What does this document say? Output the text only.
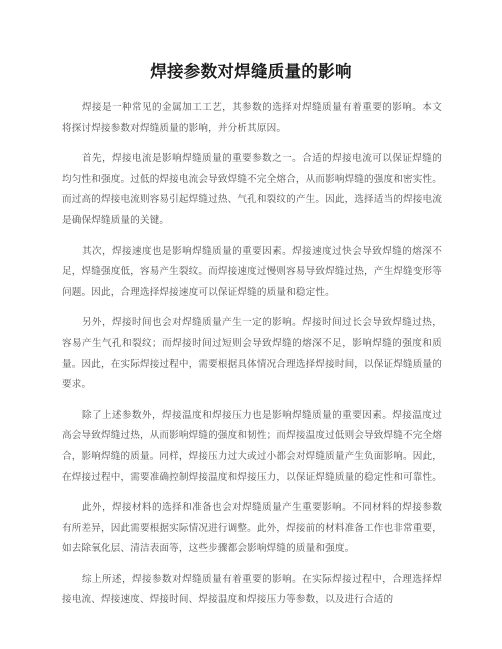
焊接参数对焊缝质量的影响

焊接是一种常见的金属加工工艺，其参数的选择对焊缝质量有着重要的影响。本文将探讨焊接参数对焊缝质量的影响，并分析其原因。

首先，焊接电流是影响焊缝质量的重要参数之一。合适的焊接电流可以保证焊缝的均匀性和强度。过低的焊接电流会导致焊缝不完全熔合，从而影响焊缝的强度和密实性。而过高的焊接电流则容易引起焊缝过热、气孔和裂纹的产生。因此，选择适当的焊接电流是确保焊缝质量的关键。

其次，焊接速度也是影响焊缝质量的重要因素。焊接速度过快会导致焊缝的熔深不足，焊缝强度低，容易产生裂纹。而焊接速度过慢则容易导致焊缝过热，产生焊缝变形等问题。因此，合理选择焊接速度可以保证焊缝的质量和稳定性。

另外，焊接时间也会对焊缝质量产生一定的影响。焊接时间过长会导致焊缝过热，容易产生气孔和裂纹；而焊接时间过短则会导致焊缝的熔深不足，影响焊缝的强度和质量。因此，在实际焊接过程中，需要根据具体情况合理选择焊接时间，以保证焊缝质量的要求。

除了上述参数外，焊接温度和焊接压力也是影响焊缝质量的重要因素。焊接温度过高会导致焊缝过热，从而影响焊缝的强度和韧性；而焊接温度过低则会导致焊缝不完全熔合，影响焊缝的质量。同样，焊接压力过大或过小都会对焊缝质量产生负面影响。因此，在焊接过程中，需要准确控制焊接温度和焊接压力，以保证焊缝质量的稳定性和可靠性。

此外，焊接材料的选择和准备也会对焊缝质量产生重要影响。不同材料的焊接参数有所差异，因此需要根据实际情况进行调整。此外，焊接前的材料准备工作也非常重要，如去除氧化层、清洁表面等，这些步骤都会影响焊缝的质量和强度。

综上所述，焊接参数对焊缝质量有着重要的影响。在实际焊接过程中，合理选择焊接电流、焊接速度、焊接时间、焊接温度和焊接压力等参数，以及进行合适的
